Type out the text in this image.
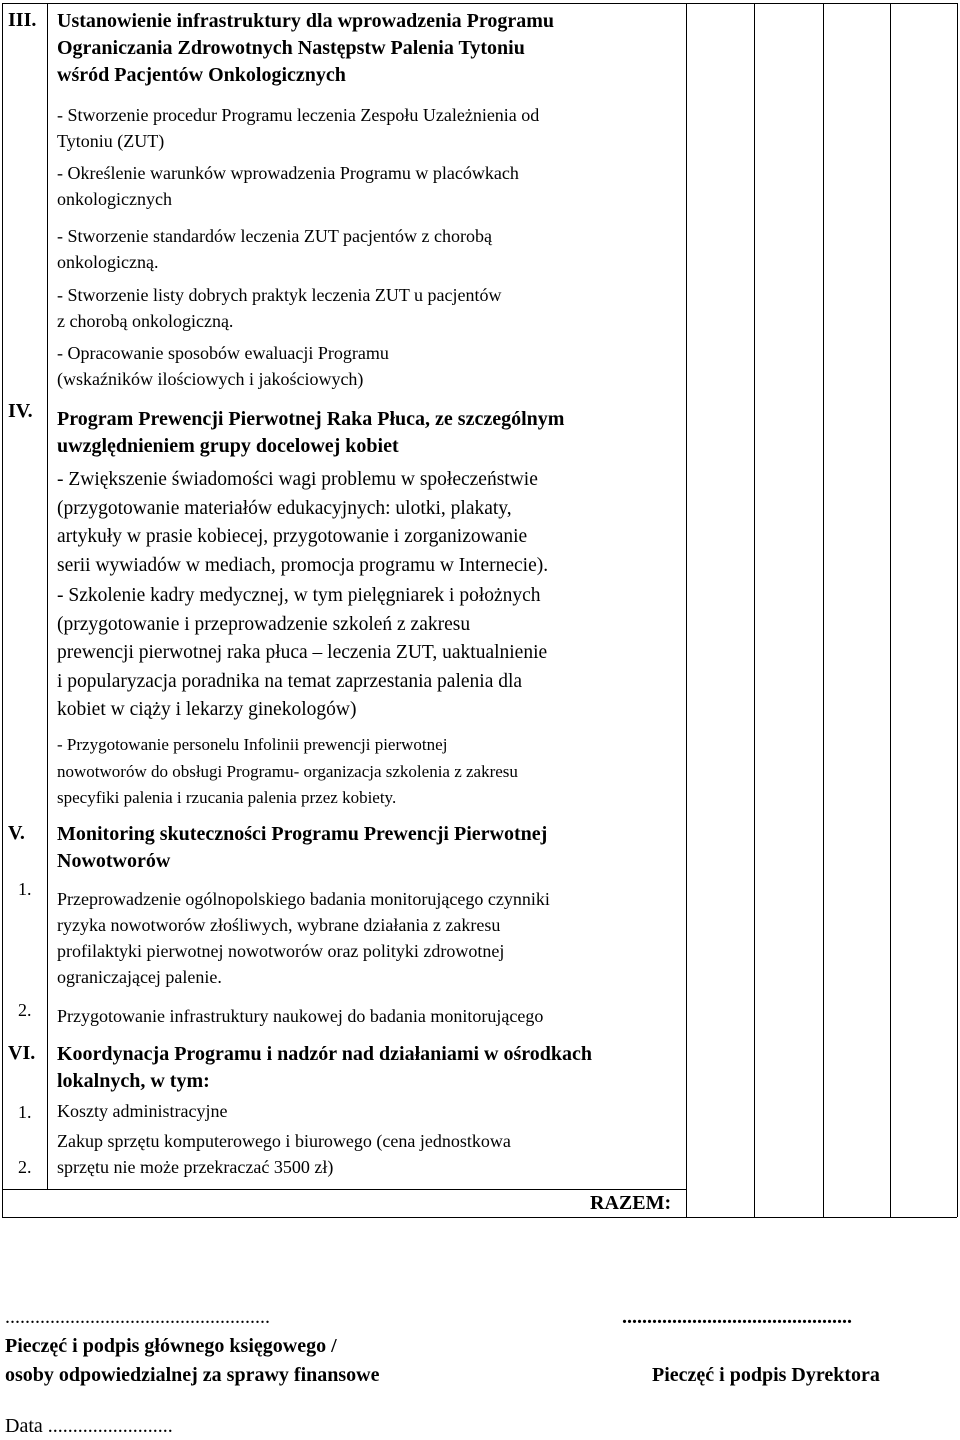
III. Ustanowienie infrastruktury dla wprowadzenia Programu
Ograniczania Zdrowotnych Następstw Palenia Tytoniu
wśród Pacjentów Onkologicznych
IV. Program Prewencji Pierwotnej Raka Płuca, ze szczególnym
uwzględnieniem grupy docelowej kobiet
V. Monitoring skuteczności Programu Prewencji Pierwotnej
Nowotworów
VI. Koordynacja Programu i nadzór nad działaniami w ośrodkach
lokalnych, w tym:
- Stworzenie procedur Programu leczenia Zespołu Uzależnienia od
Tytoniu (ZUT)
- Określenie warunków wprowadzenia Programu w placówkach
onkologicznych
- Stworzenie standardów leczenia ZUT pacjentów z chorobą
onkologiczną.
- Stworzenie listy dobrych praktyk leczenia ZUT u pacjentów
z chorobą onkologiczną.
- Opracowanie sposobów ewaluacji Programu
(wskaźników ilościowych i jakościowych)
- Zwiększenie świadomości wagi problemu w społeczeństwie
(przygotowanie materiałów edukacyjnych: ulotki, plakaty,
artykuły w prasie kobiecej, przygotowanie i zorganizowanie
serii wywiadów w mediach, promocja programu w Internecie).
- Szkolenie kadry medycznej, w tym pielęgniarek i położnych
(przygotowanie i przeprowadzenie szkoleń z zakresu
prewencji pierwotnej raka płuca – leczenia ZUT, uaktualnienie
i popularyzacja poradnika na temat zaprzestania palenia dla
kobiet w ciąży i lekarzy ginekologów)
- Przygotowanie personelu Infolinii prewencji pierwotnej
nowotworów do obsługi Programu- organizacja szkolenia z zakresu
specyfiki palenia i rzucania palenia przez kobiety.
1. Przeprowadzenie ogólnopolskiego badania monitorującego czynniki
ryzyka nowotworów złośliwych, wybrane działania z zakresu
profilaktyki pierwotnej nowotworów oraz polityki zdrowotnej
ograniczającej palenie.
2. Przygotowanie infrastruktury naukowej do badania monitorującego
1. Koszty administracyjne
2.
Zakup sprzętu komputerowego i biurowego (cena jednostkowa
sprzętu nie może przekraczać 3500 zł)
RAZEM:
.....................................................
Pieczęć i podpis głównego księgowego /
osoby odpowiedzialnej za sprawy finansowe
..............................................
Pieczęć i podpis Dyrektora
Data .........................
